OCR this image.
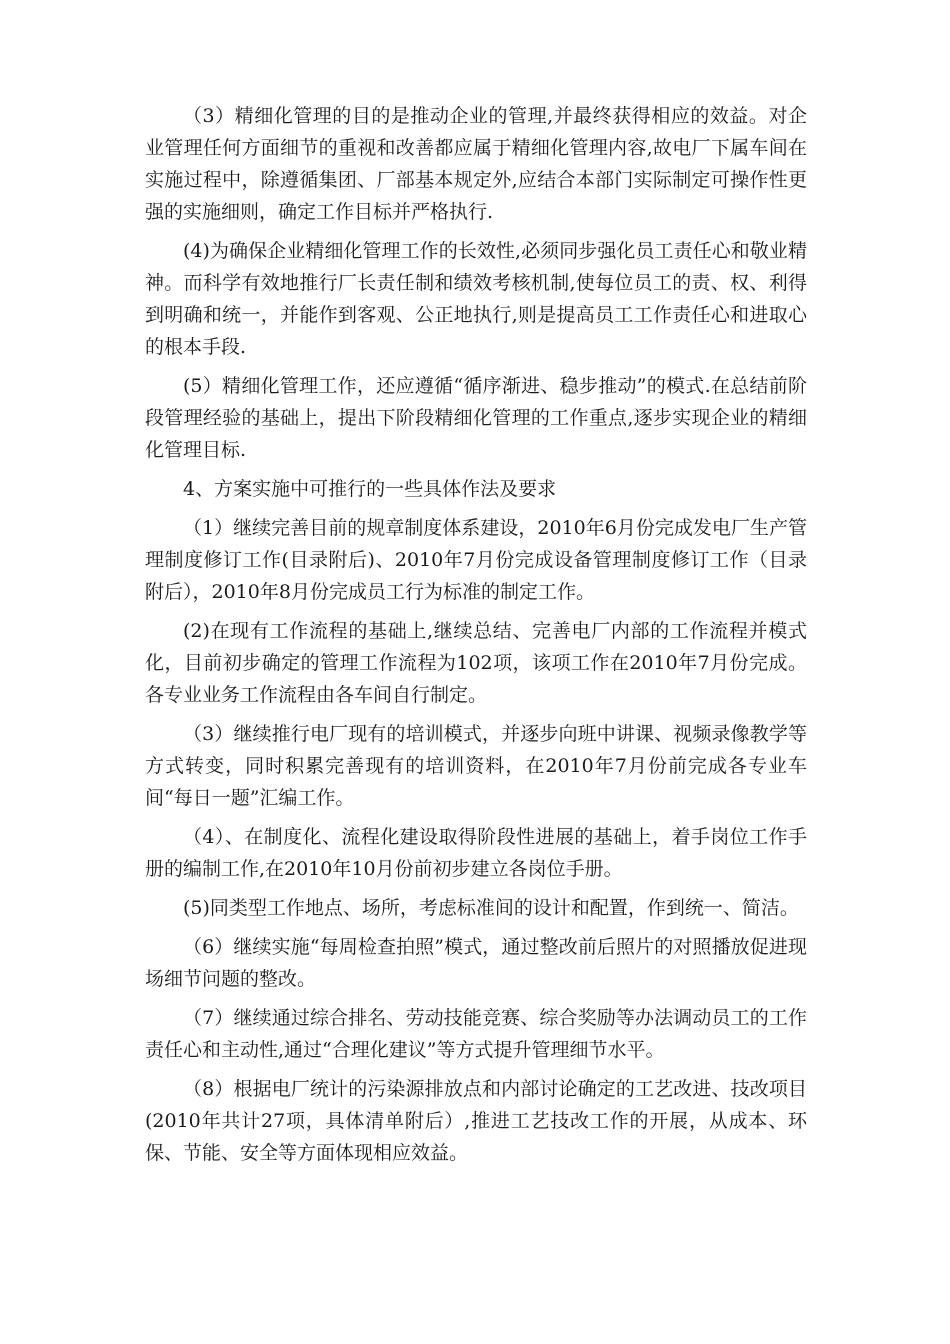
（3）精细化管理的目的是推动企业的管理,并最终获得相应的效益。对企业管理任何方面细节的重视和改善都应属于精细化管理内容,故电厂下属车间在实施过程中，除遵循集团、厂部基本规定外,应结合本部门实际制定可操作性更强的实施细则，确定工作目标并严格执行.

(4)为确保企业精细化管理工作的长效性,必须同步强化员工责任心和敬业精神。而科学有效地推行厂长责任制和绩效考核机制,使每位员工的责、权、利得到明确和统一，并能作到客观、公正地执行,则是提高员工工作责任心和进取心的根本手段.

(5）精细化管理工作，还应遵循“循序渐进、稳步推动”的模式.在总结前阶段管理经验的基础上，提出下阶段精细化管理的工作重点,逐步实现企业的精细化管理目标.

4、方案实施中可推行的一些具体作法及要求

（1）继续完善目前的规章制度体系建设，2010年6月份完成发电厂生产管理制度修订工作(目录附后)、2010年7月份完成设备管理制度修订工作（目录附后），2010年8月份完成员工行为标准的制定工作。

(2)在现有工作流程的基础上,继续总结、完善电厂内部的工作流程并模式化，目前初步确定的管理工作流程为102项，该项工作在2010年7月份完成。各专业业务工作流程由各车间自行制定。

（3）继续推行电厂现有的培训模式，并逐步向班中讲课、视频录像教学等方式转变，同时积累完善现有的培训资料，在2010年7月份前完成各专业车间“每日一题”汇编工作。

（4）、在制度化、流程化建设取得阶段性进展的基础上，着手岗位工作手册的编制工作,在2010年10月份前初步建立各岗位手册。

(5)同类型工作地点、场所，考虑标准间的设计和配置，作到统一、简洁。

（6）继续实施“每周检查拍照”模式，通过整改前后照片的对照播放促进现场细节问题的整改。

（7）继续通过综合排名、劳动技能竞赛、综合奖励等办法调动员工的工作责任心和主动性,通过“合理化建议”等方式提升管理细节水平。

（8）根据电厂统计的污染源排放点和内部讨论确定的工艺改进、技改项目(2010年共计27项，具体清单附后）,推进工艺技改工作的开展，从成本、环保、节能、安全等方面体现相应效益。
